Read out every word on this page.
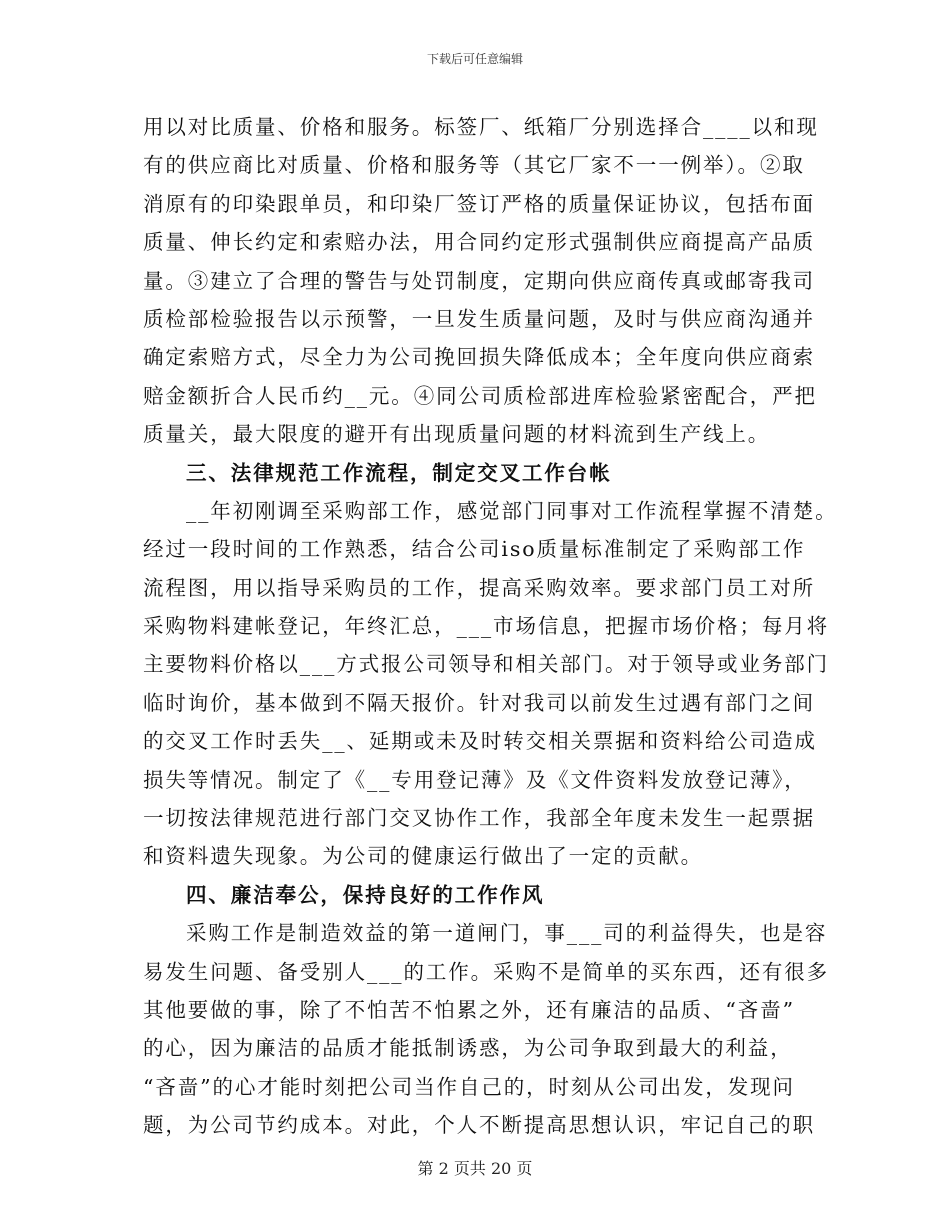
下载后可任意编辑
用以对比质量、价格和服务。标签厂、纸箱厂分别选择合____以和现
有的供应商比对质量、价格和服务等（其它厂家不一一例举）。②取
消原有的印染跟单员，和印染厂签订严格的质量保证协议，包括布面
质量、伸长约定和索赔办法，用合同约定形式强制供应商提高产品质
量。③建立了合理的警告与处罚制度，定期向供应商传真或邮寄我司
质检部检验报告以示预警，一旦发生质量问题，及时与供应商沟通并
确定索赔方式，尽全力为公司挽回损失降低成本；全年度向供应商索
赔金额折合人民币约__元。④同公司质检部进库检验紧密配合，严把
质量关，最大限度的避开有出现质量问题的材料流到生产线上。
三、法律规范工作流程，制定交叉工作台帐
__年初刚调至采购部工作，感觉部门同事对工作流程掌握不清楚。
经过一段时间的工作熟悉，结合公司iso质量标准制定了采购部工作
流程图，用以指导采购员的工作，提高采购效率。要求部门员工对所
采购物料建帐登记，年终汇总，___市场信息，把握市场价格；每月将
主要物料价格以___方式报公司领导和相关部门。对于领导或业务部门
临时询价，基本做到不隔天报价。针对我司以前发生过遇有部门之间
的交叉工作时丢失__、延期或未及时转交相关票据和资料给公司造成
损失等情况。制定了《__专用登记薄》及《文件资料发放登记薄》，
一切按法律规范进行部门交叉协作工作，我部全年度未发生一起票据
和资料遗失现象。为公司的健康运行做出了一定的贡献。
四、廉洁奉公，保持良好的工作作风
采购工作是制造效益的第一道闸门，事___司的利益得失，也是容
易发生问题、备受别人___的工作。采购不是简单的买东西，还有很多
其他要做的事，除了不怕苦不怕累之外，还有廉洁的品质、“吝啬”
的心，因为廉洁的品质才能抵制诱惑，为公司争取到最大的利益，
“吝啬”的心才能时刻把公司当作自己的，时刻从公司出发，发现问
题，为公司节约成本。对此，个人不断提高思想认识，牢记自己的职
第 2 页共 20 页
